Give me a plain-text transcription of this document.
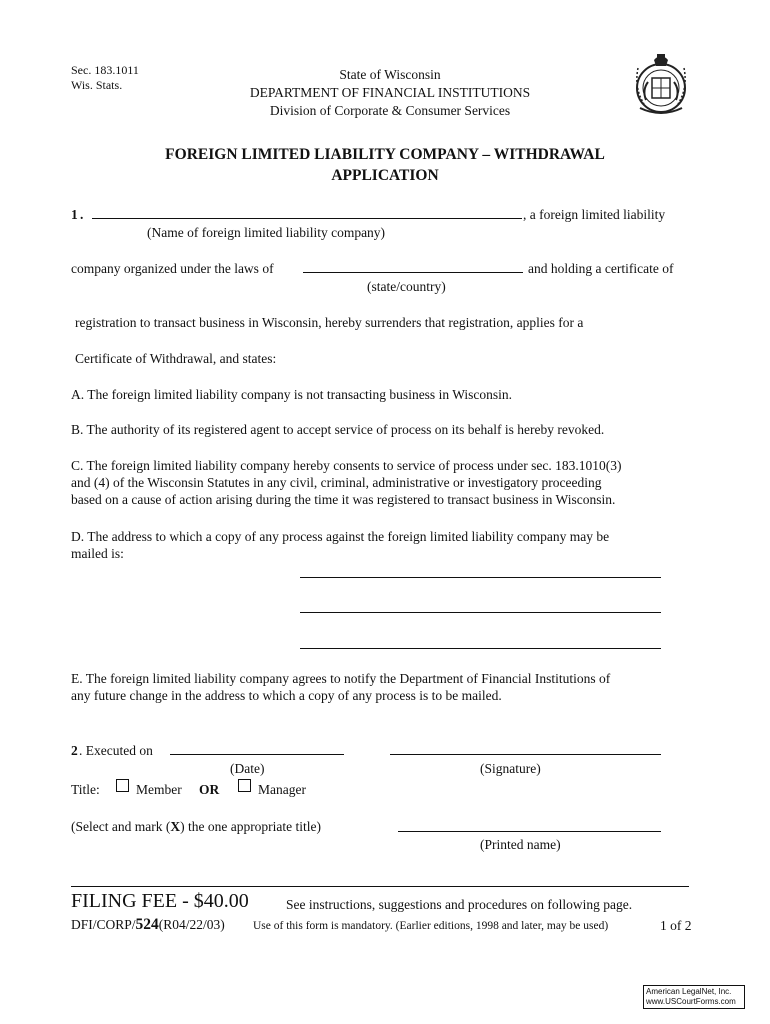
Sec. 183.1011
Wis. Stats.
State of Wisconsin
DEPARTMENT OF FINANCIAL INSTITUTIONS
Division of Corporate & Consumer Services
FOREIGN LIMITED LIABILITY COMPANY – WITHDRAWAL
APPLICATION
1 .	, a foreign limited liability
(Name of foreign limited liability company)
company organized under the laws of	and holding a certificate of
(state/country)
registration to transact business in Wisconsin, hereby surrenders that registration, applies for a
Certificate of Withdrawal, and states:
A. The foreign limited liability company is not transacting business in Wisconsin.
B. The authority of its registered agent to accept service of process on its behalf is hereby revoked.
C. The foreign limited liability company hereby consents to service of process under sec. 183.1010(3)
and (4) of the Wisconsin Statutes in any civil, criminal, administrative or investigatory proceeding
based on a cause of action arising during the time it was registered to transact business in Wisconsin.
D. The address to which a copy of any process against the foreign limited liability company may be
mailed is:
E. The foreign limited liability company agrees to notify the Department of Financial Institutions of
any future change in the address to which a copy of any process is to be mailed.
2 . Executed on
(Date)	(Signature)
Title:	Member OR	Manager
(Select and mark (X) the one appropriate title)
(Printed name)
FILING FEE - $40.00	See instructions, suggestions and procedures on following page.
DFI/CORP/524(R04/22/03) Use of this form is mandatory. (Earlier editions, 1998 and later, may be used)	1 of 2
American LegalNet, Inc.
www.USCourtForms.com
